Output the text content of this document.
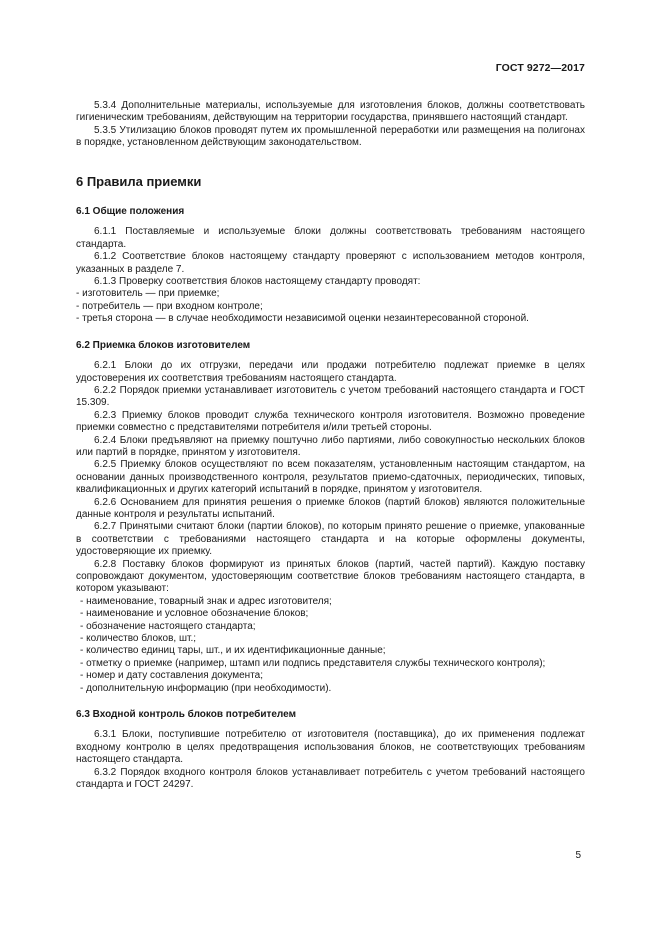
ГОСТ 9272—2017

5.3.4 Дополнительные материалы, используемые для изготовления блоков, должны соответствовать гигиеническим требованиям, действующим на территории государства, принявшего настоящий стандарт.

5.3.5 Утилизацию блоков проводят путем их промышленной переработки или размещения на полигонах в порядке, установленном действующим законодательством.

6 Правила приемки
6.1 Общие положения

6.1.1 Поставляемые и используемые блоки должны соответствовать требованиям настоящего стандарта.

6.1.2 Соответствие блоков настоящему стандарту проверяют с использованием методов контроля, указанных в разделе 7.

6.1.3 Проверку соответствия блоков настоящему стандарту проводят:

- изготовитель — при приемке;

- потребитель — при входном контроле;

- третья сторона — в случае необходимости независимой оценки незаинтересованной стороной.

6.2 Приемка блоков изготовителем

6.2.1 Блоки до их отгрузки, передачи или продажи потребителю подлежат приемке в целях удостоверения их соответствия требованиям настоящего стандарта.

6.2.2 Порядок приемки устанавливает изготовитель с учетом требований настоящего стандарта и ГОСТ 15.309.

6.2.3 Приемку блоков проводит служба технического контроля изготовителя. Возможно проведение приемки совместно с представителями потребителя и/или третьей стороны.

6.2.4 Блоки предъявляют на приемку поштучно либо партиями, либо совокупностью нескольких блоков или партий в порядке, принятом у изготовителя.

6.2.5 Приемку блоков осуществляют по всем показателям, установленным настоящим стандартом, на основании данных производственного контроля, результатов приемо-сдаточных, периодических, типовых, квалификационных и других категорий испытаний в порядке, принятом у изготовителя.

6.2.6 Основанием для принятия решения о приемке блоков (партий блоков) являются положительные данные контроля и результаты испытаний.

6.2.7 Принятыми считают блоки (партии блоков), по которым принято решение о приемке, упакованные в соответствии с требованиями настоящего стандарта и на которые оформлены документы, удостоверяющие их приемку.

6.2.8 Поставку блоков формируют из принятых блоков (партий, частей партий). Каждую поставку сопровождают документом, удостоверяющим соответствие блоков требованиям настоящего стандарта, в котором указывают:

- наименование, товарный знак и адрес изготовителя;

- наименование и условное обозначение блоков;

- обозначение настоящего стандарта;

- количество блоков, шт.;

- количество единиц тары, шт., и их идентификационные данные;

- отметку о приемке (например, штамп или подпись представителя службы технического контроля);

- номер и дату составления документа;

- дополнительную информацию (при необходимости).

6.3 Входной контроль блоков потребителем

6.3.1 Блоки, поступившие потребителю от изготовителя (поставщика), до их применения подлежат входному контролю в целях предотвращения использования блоков, не соответствующих требованиям настоящего стандарта.

6.3.2 Порядок входного контроля блоков устанавливает потребитель с учетом требований настоящего стандарта и ГОСТ 24297.

5
